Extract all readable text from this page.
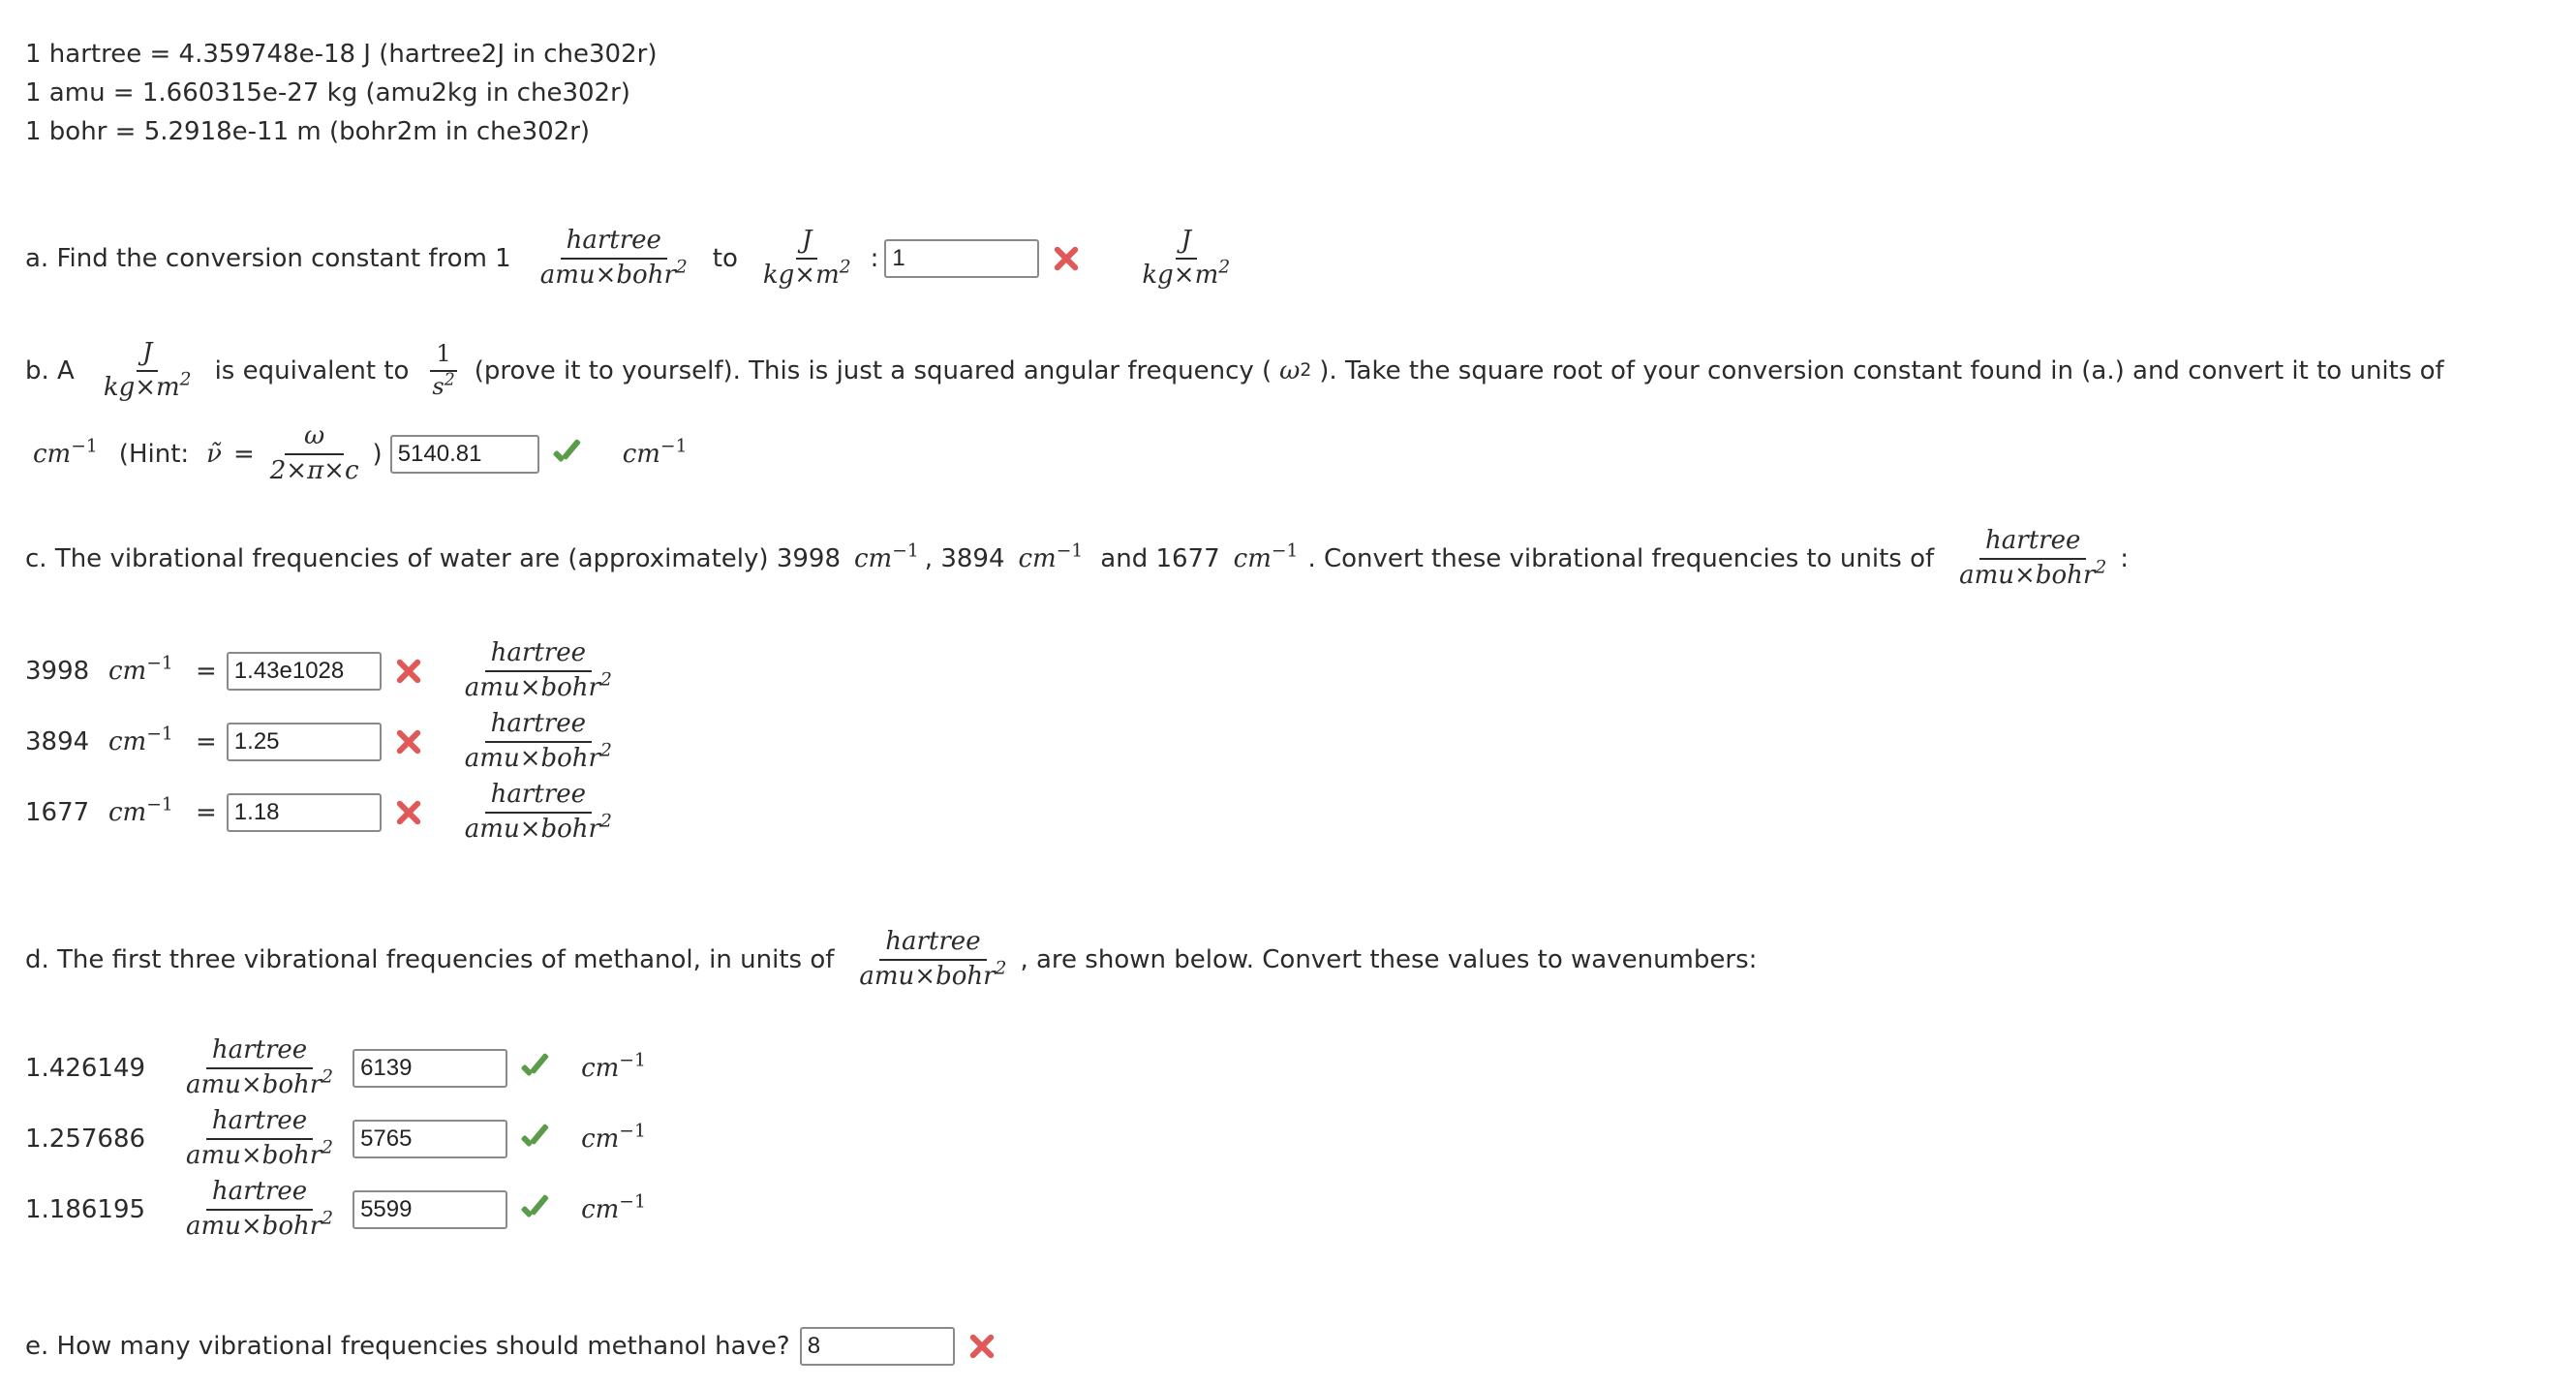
1 hartree = 4.359748e-18 J (hartree2J in che302r)
1 amu = 1.660315e-27 kg (amu2kg in che302r)
1 bohr = 5.2918e-11 m (bohr2m in che302r)
a. Find the conversion constant from $1 \frac{\text{hartree}}{amu\times bohr^2}$ to $\frac{J}{kg\times m^2}$ : 1	$\frac{J}{kg\times m^2}$
b. A $\frac{J}{kg\times m^2}$ is equivalent to $\frac{1}{s^2}$ (prove it to yourself). This is just a squared angular frequency ( ω 2 ). Take the square root of your conversion constant found in (a.) and convert it to units of
$cm^{-1}$ (Hint: ν̃ = $\frac{\omega}{2\times\pi\times c}$ ) 5140.81	$cm^{-1}$
c. The vibrational frequencies of water are (approximately) 3998 $cm^{-1}$ , 3894 $cm^{-1}$ and 1677 $cm^{-1}$ . Convert these vibrational frequencies to units of $\frac{\text{hartree}}{amu\times bohr^2}$ :
3998 $cm^{-1} = 1.43e1028$	$\frac{\text{hartree}}{amu\times bohr^2}$
3894 $cm^{-1} = 1.25$	$\frac{\text{hartree}}{amu\times bohr^2}$
1677 $cm^{-1} = 1.18$	$\frac{\text{hartree}}{amu\times bohr^2}$
d. The first three vibrational frequencies of methanol, in units of $\frac{\text{hartree}}{amu\times bohr^2}$ , are shown below. Convert these values to wavenumbers:
1.426149	$\frac{\text{hartree}}{amu\times bohr^2} 6139$	$cm^{-1}$
1.257686	$\frac{\text{hartree}}{amu\times bohr^2} 5765$	$cm^{-1}$
1.186195	$\frac{\text{hartree}}{amu\times bohr^2} 5599$	$cm^{-1}$
e. How many vibrational frequencies should methanol have? 8
